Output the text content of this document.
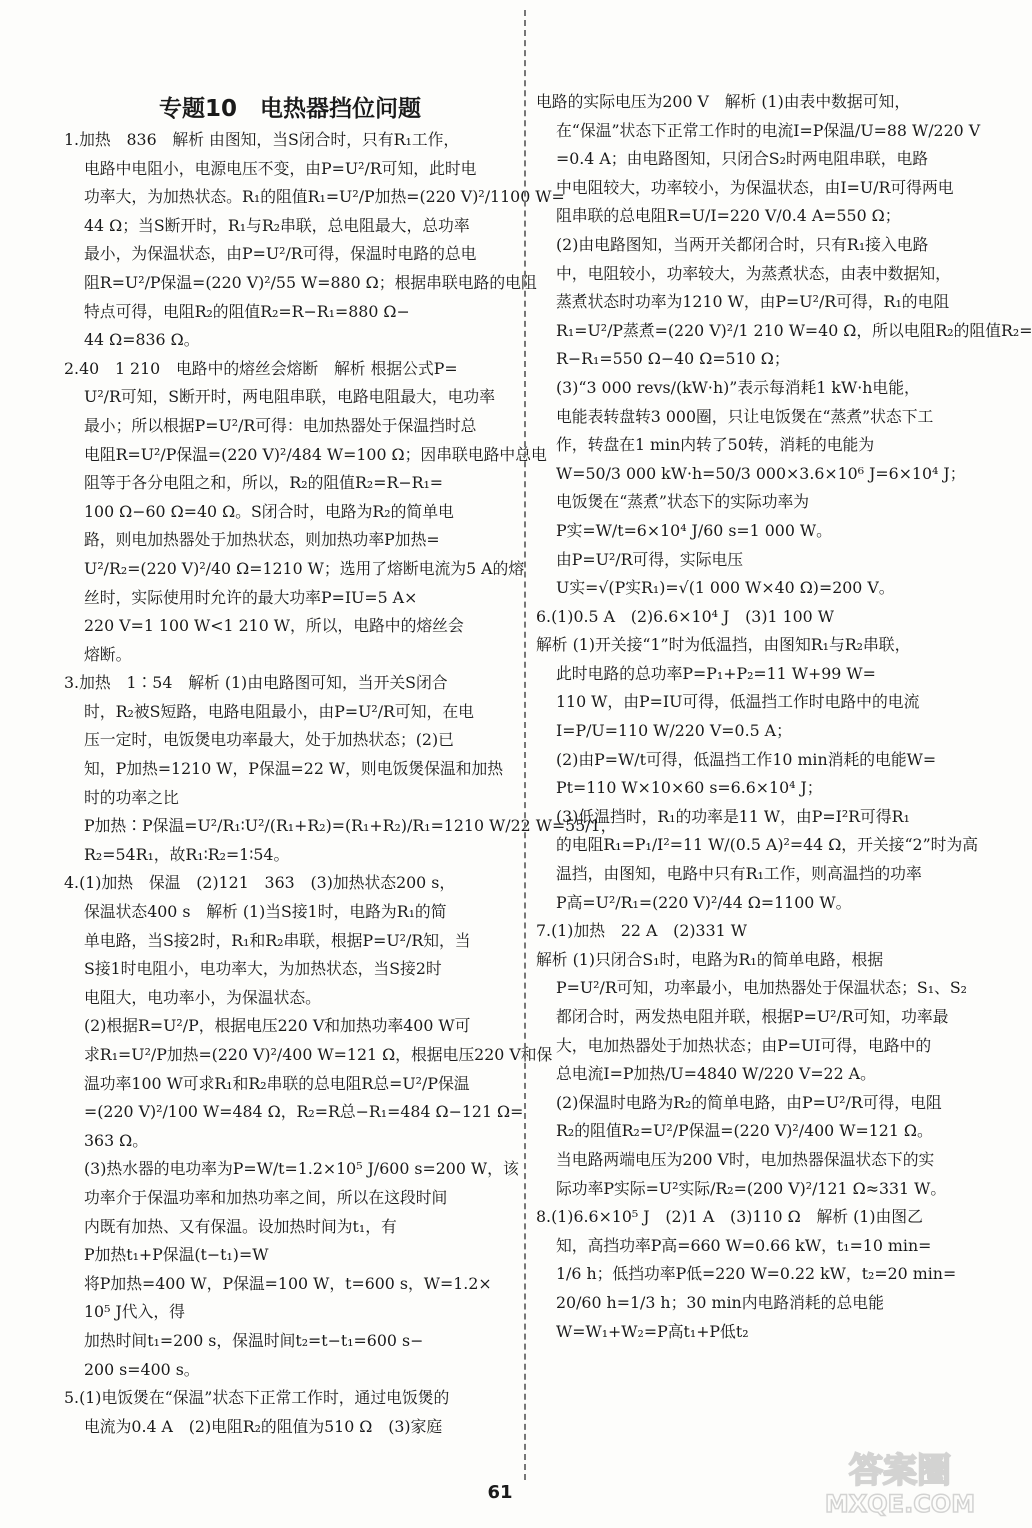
专题10　电热器挡位问题
1.加热　836　解析 由图知，当S闭合时，只有R₁工作，
电路中电阻小，电源电压不变，由P=U²/R可知，此时电
功率大，为加热状态。R₁的阻值R₁=U²/P加热=(220 V)²/1100 W=
44 Ω；当S断开时，R₁与R₂串联，总电阻最大，总功率
最小，为保温状态，由P=U²/R可得，保温时电路的总电
阻R=U²/P保温=(220 V)²/55 W=880 Ω；根据串联电路的电阻
特点可得，电阻R₂的阻值R₂=R−R₁=880 Ω−
44 Ω=836 Ω。
2.40　1 210　电路中的熔丝会熔断　解析 根据公式P=
U²/R可知，S断开时，两电阻串联，电路电阻最大，电功率
最小；所以根据P=U²/R可得：电加热器处于保温挡时总
电阻R=U²/P保温=(220 V)²/484 W=100 Ω；因串联电路中总电
阻等于各分电阻之和，所以，R₂的阻值R₂=R−R₁=
100 Ω−60 Ω=40 Ω。S闭合时，电路为R₂的简单电
路，则电加热器处于加热状态，则加热功率P加热=
U²/R₂=(220 V)²/40 Ω=1210 W；选用了熔断电流为5 A的熔
丝时，实际使用时允许的最大功率P=IU=5 A×
220 V=1 100 W<1 210 W，所以，电路中的熔丝会
熔断。
3.加热　1∶54　解析 (1)由电路图可知，当开关S闭合
时，R₂被S短路，电路电阻最小，由P=U²/R可知，在电
压一定时，电饭煲电功率最大，处于加热状态；(2)已
知，P加热=1210 W，P保温=22 W，则电饭煲保温和加热
时的功率之比
P加热∶P保温=U²/R₁∶U²/(R₁+R₂)=(R₁+R₂)/R₁=1210 W/22 W=55/1，
R₂=54R₁，故R₁∶R₂=1∶54。
4.(1)加热　保温　(2)121　363　(3)加热状态200 s，
保温状态400 s　解析 (1)当S接1时，电路为R₁的简
单电路，当S接2时，R₁和R₂串联，根据P=U²/R知，当
S接1时电阻小，电功率大，为加热状态，当S接2时
电阻大，电功率小，为保温状态。
(2)根据R=U²/P，根据电压220 V和加热功率400 W可
求R₁=U²/P加热=(220 V)²/400 W=121 Ω，根据电压220 V和保
温功率100 W可求R₁和R₂串联的总电阻R总=U²/P保温
=(220 V)²/100 W=484 Ω，R₂=R总−R₁=484 Ω−121 Ω=
363 Ω。
(3)热水器的电功率为P=W/t=1.2×10⁵ J/600 s=200 W，该
功率介于保温功率和加热功率之间，所以在这段时间
内既有加热、又有保温。设加热时间为t₁，有
P加热t₁+P保温(t−t₁)=W
将P加热=400 W，P保温=100 W，t=600 s，W=1.2×
10⁵ J代入，得
加热时间t₁=200 s，保温时间t₂=t−t₁=600 s−
200 s=400 s。
5.(1)电饭煲在“保温”状态下正常工作时，通过电饭煲的
电流为0.4 A　(2)电阻R₂的阻值为510 Ω　(3)家庭
电路的实际电压为200 V　解析 (1)由表中数据可知，
在“保温”状态下正常工作时的电流I=P保温/U=88 W/220 V
=0.4 A；由电路图知，只闭合S₂时两电阻串联，电路
中电阻较大，功率较小，为保温状态，由I=U/R可得两电
阻串联的总电阻R=U/I=220 V/0.4 A=550 Ω；
(2)由电路图知，当两开关都闭合时，只有R₁接入电路
中，电阻较小，功率较大，为蒸煮状态，由表中数据知，
蒸煮状态时功率为1210 W，由P=U²/R可得，R₁的电阻
R₁=U²/P蒸煮=(220 V)²/1 210 W=40 Ω，所以电阻R₂的阻值R₂=
R−R₁=550 Ω−40 Ω=510 Ω；
(3)“3 000 revs/(kW·h)”表示每消耗1 kW·h电能，
电能表转盘转3 000圈，只让电饭煲在“蒸煮”状态下工
作，转盘在1 min内转了50转，消耗的电能为
W=50/3 000 kW·h=50/3 000×3.6×10⁶ J=6×10⁴ J；
电饭煲在“蒸煮”状态下的实际功率为
P实=W/t=6×10⁴ J/60 s=1 000 W。
由P=U²/R可得，实际电压
U实=√(P实R₁)=√(1 000 W×40 Ω)=200 V。
6.(1)0.5 A　(2)6.6×10⁴ J　(3)1 100 W
解析 (1)开关接“1”时为低温挡，由图知R₁与R₂串联，
此时电路的总功率P=P₁+P₂=11 W+99 W=
110 W，由P=IU可得，低温挡工作时电路中的电流
I=P/U=110 W/220 V=0.5 A；
(2)由P=W/t可得，低温挡工作10 min消耗的电能W=
Pt=110 W×10×60 s=6.6×10⁴ J；
(3)低温挡时，R₁的功率是11 W，由P=I²R可得R₁
的电阻R₁=P₁/I²=11 W/(0.5 A)²=44 Ω，开关接“2”时为高
温挡，由图知，电路中只有R₁工作，则高温挡的功率
P高=U²/R₁=(220 V)²/44 Ω=1100 W。
7.(1)加热　22 A　(2)331 W
解析 (1)只闭合S₁时，电路为R₁的简单电路，根据
P=U²/R可知，功率最小，电加热器处于保温状态；S₁、S₂
都闭合时，两发热电阻并联，根据P=U²/R可知，功率最
大，电加热器处于加热状态；由P=UI可得，电路中的
总电流I=P加热/U=4840 W/220 V=22 A。
(2)保温时电路为R₂的简单电路，由P=U²/R可得，电阻
R₂的阻值R₂=U²/P保温=(220 V)²/400 W=121 Ω。
当电路两端电压为200 V时，电加热器保温状态下的实
际功率P实际=U²实际/R₂=(200 V)²/121 Ω≈331 W。
8.(1)6.6×10⁵ J　(2)1 A　(3)110 Ω　解析 (1)由图乙
知，高挡功率P高=660 W=0.66 kW，t₁=10 min=
1/6 h；低挡功率P低=220 W=0.22 kW，t₂=20 min=
20/60 h=1/3 h；30 min内电路消耗的总电能
W=W₁+W₂=P高t₁+P低t₂
61
答案圈
MXQE.COM
